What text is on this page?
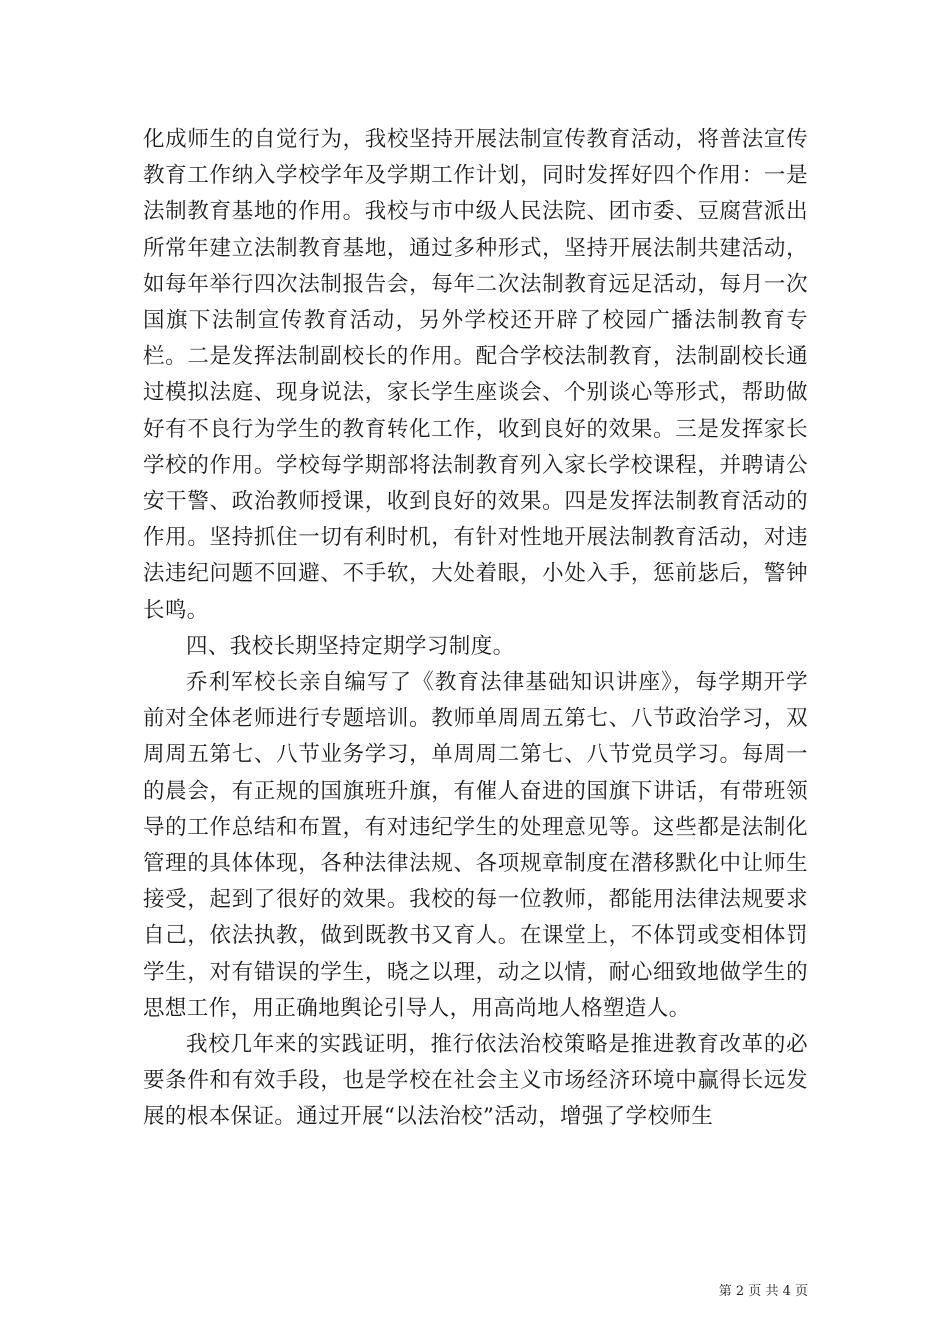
化成师生的自觉行为，我校坚持开展法制宣传教育活动，将普法宣传教育工作纳入学校学年及学期工作计划，同时发挥好四个作用：一是法制教育基地的作用。我校与市中级人民法院、团市委、豆腐营派出所常年建立法制教育基地，通过多种形式，坚持开展法制共建活动，如每年举行四次法制报告会，每年二次法制教育远足活动，每月一次国旗下法制宣传教育活动，另外学校还开辟了校园广播法制教育专栏。二是发挥法制副校长的作用。配合学校法制教育，法制副校长通过模拟法庭、现身说法，家长学生座谈会、个别谈心等形式，帮助做好有不良行为学生的教育转化工作，收到良好的效果。三是发挥家长学校的作用。学校每学期部将法制教育列入家长学校课程，并聘请公安干警、政治教师授课，收到良好的效果。四是发挥法制教育活动的作用。坚持抓住一切有利时机，有针对性地开展法制教育活动，对违法违纪问题不回避、不手软，大处着眼，小处入手，惩前毖后，警钟长鸣。

四、我校长期坚持定期学习制度。

乔利军校长亲自编写了《教育法律基础知识讲座》，每学期开学前对全体老师进行专题培训。教师单周周五第七、八节政治学习，双周周五第七、八节业务学习，单周周二第七、八节党员学习。每周一的晨会，有正规的国旗班升旗，有催人奋进的国旗下讲话，有带班领导的工作总结和布置，有对违纪学生的处理意见等。这些都是法制化管理的具体体现，各种法律法规、各项规章制度在潜移默化中让师生接受，起到了很好的效果。我校的每一位教师，都能用法律法规要求自己，依法执教，做到既教书又育人。在课堂上，不体罚或变相体罚学生，对有错误的学生，晓之以理，动之以情，耐心细致地做学生的思想工作，用正确地舆论引导人，用高尚地人格塑造人。

我校几年来的实践证明，推行依法治校策略是推进教育改革的必要条件和有效手段，也是学校在社会主义市场经济环境中赢得长远发展的根本保证。通过开展“以法治校”活动，增强了学校师生

第 2 页 共 4 页
